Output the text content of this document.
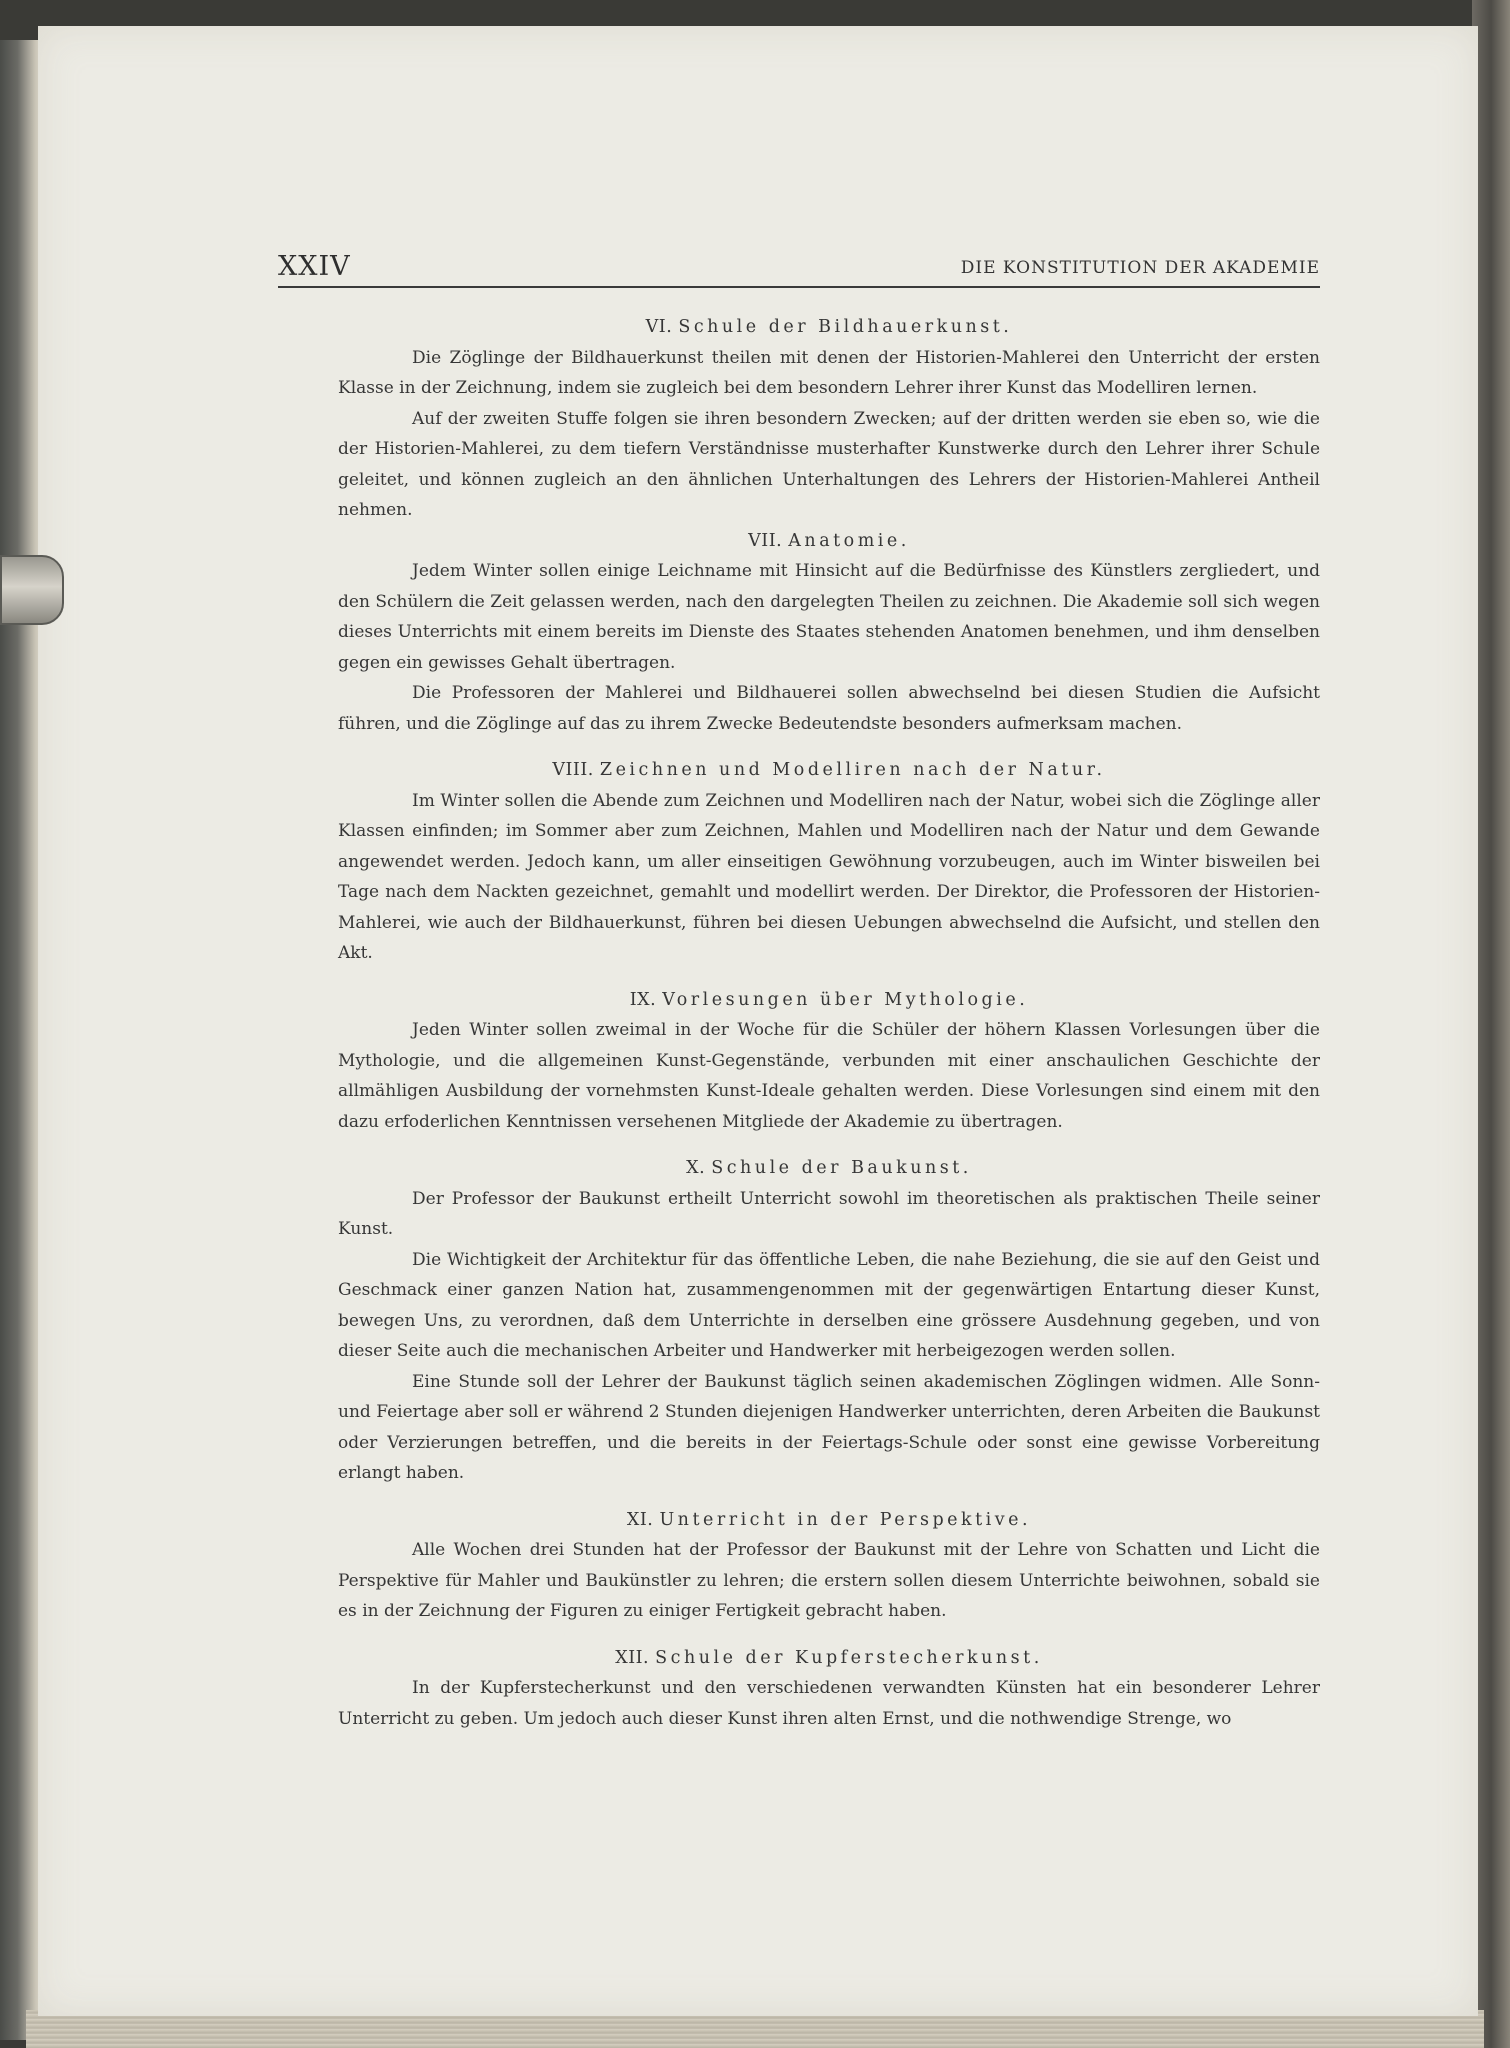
XXIV	DIE KONSTITUTION DER AKADEMIE
VI. Schule der Bildhauerkunst.

Die Zöglinge der Bildhauerkunst theilen mit denen der Historien-Mahlerei den Unterricht der ersten Klasse in der Zeichnung, indem sie zugleich bei dem besondern Lehrer ihrer Kunst das Modelliren lernen.

Auf der zweiten Stuffe folgen sie ihren besondern Zwecken; auf der dritten werden sie eben so, wie die der Historien-Mahlerei, zu dem tiefern Verständnisse musterhafter Kunstwerke durch den Lehrer ihrer Schule geleitet, und können zugleich an den ähnlichen Unterhaltungen des Lehrers der Historien-Mahlerei Antheil nehmen.

VII. Anatomie.

Jedem Winter sollen einige Leichname mit Hinsicht auf die Bedürfnisse des Künstlers zergliedert, und den Schülern die Zeit gelassen werden, nach den dargelegten Theilen zu zeichnen. Die Akademie soll sich wegen dieses Unterrichts mit einem bereits im Dienste des Staates stehenden Anatomen benehmen, und ihm denselben gegen ein gewisses Gehalt übertragen.

Die Professoren der Mahlerei und Bildhauerei sollen abwechselnd bei diesen Studien die Aufsicht führen, und die Zöglinge auf das zu ihrem Zwecke Bedeutendste besonders aufmerksam machen.

VIII. Zeichnen und Modelliren nach der Natur.

Im Winter sollen die Abende zum Zeichnen und Modelliren nach der Natur, wobei sich die Zöglinge aller Klassen einfinden; im Sommer aber zum Zeichnen, Mahlen und Modelliren nach der Natur und dem Gewande angewendet werden. Jedoch kann, um aller einseitigen Gewöhnung vorzubeugen, auch im Winter bisweilen bei Tage nach dem Nackten gezeichnet, gemahlt und modellirt werden. Der Direktor, die Professoren der Historien-Mahlerei, wie auch der Bildhauerkunst, führen bei diesen Uebungen abwechselnd die Aufsicht, und stellen den Akt.

IX. Vorlesungen über Mythologie.

Jeden Winter sollen zweimal in der Woche für die Schüler der höhern Klassen Vorlesungen über die Mythologie, und die allgemeinen Kunst-Gegenstände, verbunden mit einer anschaulichen Geschichte der allmähligen Ausbildung der vornehmsten Kunst-Ideale gehalten werden. Diese Vorlesungen sind einem mit den dazu erfoderlichen Kenntnissen versehenen Mitgliede der Akademie zu übertragen.

X. Schule der Baukunst.

Der Professor der Baukunst ertheilt Unterricht sowohl im theoretischen als praktischen Theile seiner Kunst.

Die Wichtigkeit der Architektur für das öffentliche Leben, die nahe Beziehung, die sie auf den Geist und Geschmack einer ganzen Nation hat, zusammengenommen mit der gegenwärtigen Entartung dieser Kunst, bewegen Uns, zu verordnen, daß dem Unterrichte in derselben eine grössere Ausdehnung gegeben, und von dieser Seite auch die mechanischen Arbeiter und Handwerker mit herbeigezogen werden sollen.

Eine Stunde soll der Lehrer der Baukunst täglich seinen akademischen Zöglingen widmen. Alle Sonn- und Feiertage aber soll er während 2 Stunden diejenigen Handwerker unterrichten, deren Arbeiten die Baukunst oder Verzierungen betreffen, und die bereits in der Feiertags-Schule oder sonst eine gewisse Vorbereitung erlangt haben.

XI. Unterricht in der Perspektive.

Alle Wochen drei Stunden hat der Professor der Baukunst mit der Lehre von Schatten und Licht die Perspektive für Mahler und Baukünstler zu lehren; die erstern sollen diesem Unterrichte beiwohnen, sobald sie es in der Zeichnung der Figuren zu einiger Fertigkeit gebracht haben.

XII. Schule der Kupferstecherkunst.

In der Kupferstecherkunst und den verschiedenen verwandten Künsten hat ein besonderer Lehrer Unterricht zu geben. Um jedoch auch dieser Kunst ihren alten Ernst, und die nothwendige Strenge, wo
